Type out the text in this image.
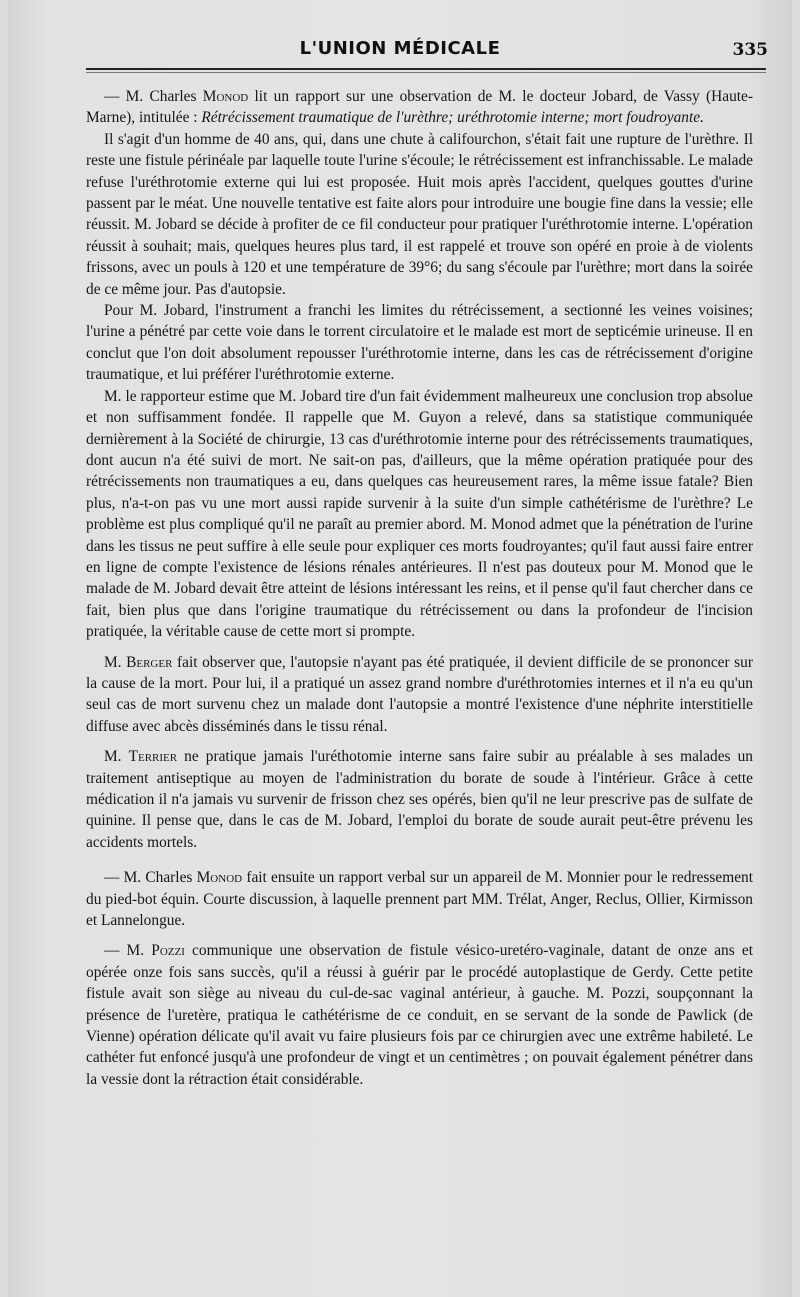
L'UNION MÉDICALE	335

— M. Charles Monod lit un rapport sur une observation de M. le docteur Jobard, de Vassy (Haute-Marne), intitulée : Rétrécissement traumatique de l'urèthre; uréthrotomie interne; mort foudroyante.

Il s'agit d'un homme de 40 ans, qui, dans une chute à califourchon, s'était fait une rupture de l'urèthre. Il reste une fistule périnéale par laquelle toute l'urine s'écoule; le rétrécissement est infranchissable. Le malade refuse l'uréthrotomie externe qui lui est proposée. Huit mois après l'accident, quelques gouttes d'urine passent par le méat. Une nouvelle tentative est faite alors pour introduire une bougie fine dans la vessie; elle réussit. M. Jobard se décide à profiter de ce fil conducteur pour pratiquer l'uréthrotomie interne. L'opération réussit à souhait; mais, quelques heures plus tard, il est rappelé et trouve son opéré en proie à de violents frissons, avec un pouls à 120 et une température de 39°6; du sang s'écoule par l'urèthre; mort dans la soirée de ce même jour. Pas d'autopsie.

Pour M. Jobard, l'instrument a franchi les limites du rétrécissement, a sectionné les veines voisines; l'urine a pénétré par cette voie dans le torrent circulatoire et le malade est mort de septicémie urineuse. Il en conclut que l'on doit absolument repousser l'uréthrotomie interne, dans les cas de rétrécissement d'origine traumatique, et lui préférer l'uréthrotomie externe.

M. le rapporteur estime que M. Jobard tire d'un fait évidemment malheureux une conclusion trop absolue et non suffisamment fondée. Il rappelle que M. Guyon a relevé, dans sa statistique communiquée dernièrement à la Société de chirurgie, 13 cas d'uréthrotomie interne pour des rétrécissements traumatiques, dont aucun n'a été suivi de mort. Ne sait-on pas, d'ailleurs, que la même opération pratiquée pour des rétrécissements non traumatiques a eu, dans quelques cas heureusement rares, la même issue fatale? Bien plus, n'a-t-on pas vu une mort aussi rapide survenir à la suite d'un simple cathétérisme de l'urèthre? Le problème est plus compliqué qu'il ne paraît au premier abord. M. Monod admet que la pénétration de l'urine dans les tissus ne peut suffire à elle seule pour expliquer ces morts foudroyantes; qu'il faut aussi faire entrer en ligne de compte l'existence de lésions rénales antérieures. Il n'est pas douteux pour M. Monod que le malade de M. Jobard devait être atteint de lésions intéressant les reins, et il pense qu'il faut chercher dans ce fait, bien plus que dans l'origine traumatique du rétrécissement ou dans la profondeur de l'incision pratiquée, la véritable cause de cette mort si prompte.

M. Berger fait observer que, l'autopsie n'ayant pas été pratiquée, il devient difficile de se prononcer sur la cause de la mort. Pour lui, il a pratiqué un assez grand nombre d'uréthrotomies internes et il n'a eu qu'un seul cas de mort survenu chez un malade dont l'autopsie a montré l'existence d'une néphrite interstitielle diffuse avec abcès disséminés dans le tissu rénal.

M. Terrier ne pratique jamais l'uréthotomie interne sans faire subir au préalable à ses malades un traitement antiseptique au moyen de l'administration du borate de soude à l'intérieur. Grâce à cette médication il n'a jamais vu survenir de frisson chez ses opérés, bien qu'il ne leur prescrive pas de sulfate de quinine. Il pense que, dans le cas de M. Jobard, l'emploi du borate de soude aurait peut-être prévenu les accidents mortels.

— M. Charles Monod fait ensuite un rapport verbal sur un appareil de M. Monnier pour le redressement du pied-bot équin. Courte discussion, à laquelle prennent part MM. Trélat, Anger, Reclus, Ollier, Kirmisson et Lannelongue.

— M. Pozzi communique une observation de fistule vésico-uretéro-vaginale, datant de onze ans et opérée onze fois sans succès, qu'il a réussi à guérir par le procédé autoplastique de Gerdy. Cette petite fistule avait son siège au niveau du cul-de-sac vaginal antérieur, à gauche. M. Pozzi, soupçonnant la présence de l'uretère, pratiqua le cathétérisme de ce conduit, en se servant de la sonde de Pawlick (de Vienne) opération délicate qu'il avait vu faire plusieurs fois par ce chirurgien avec une extrême habileté. Le cathéter fut enfoncé jusqu'à une profondeur de vingt et un centimètres ; on pouvait également pénétrer dans la vessie dont la rétraction était considérable.
